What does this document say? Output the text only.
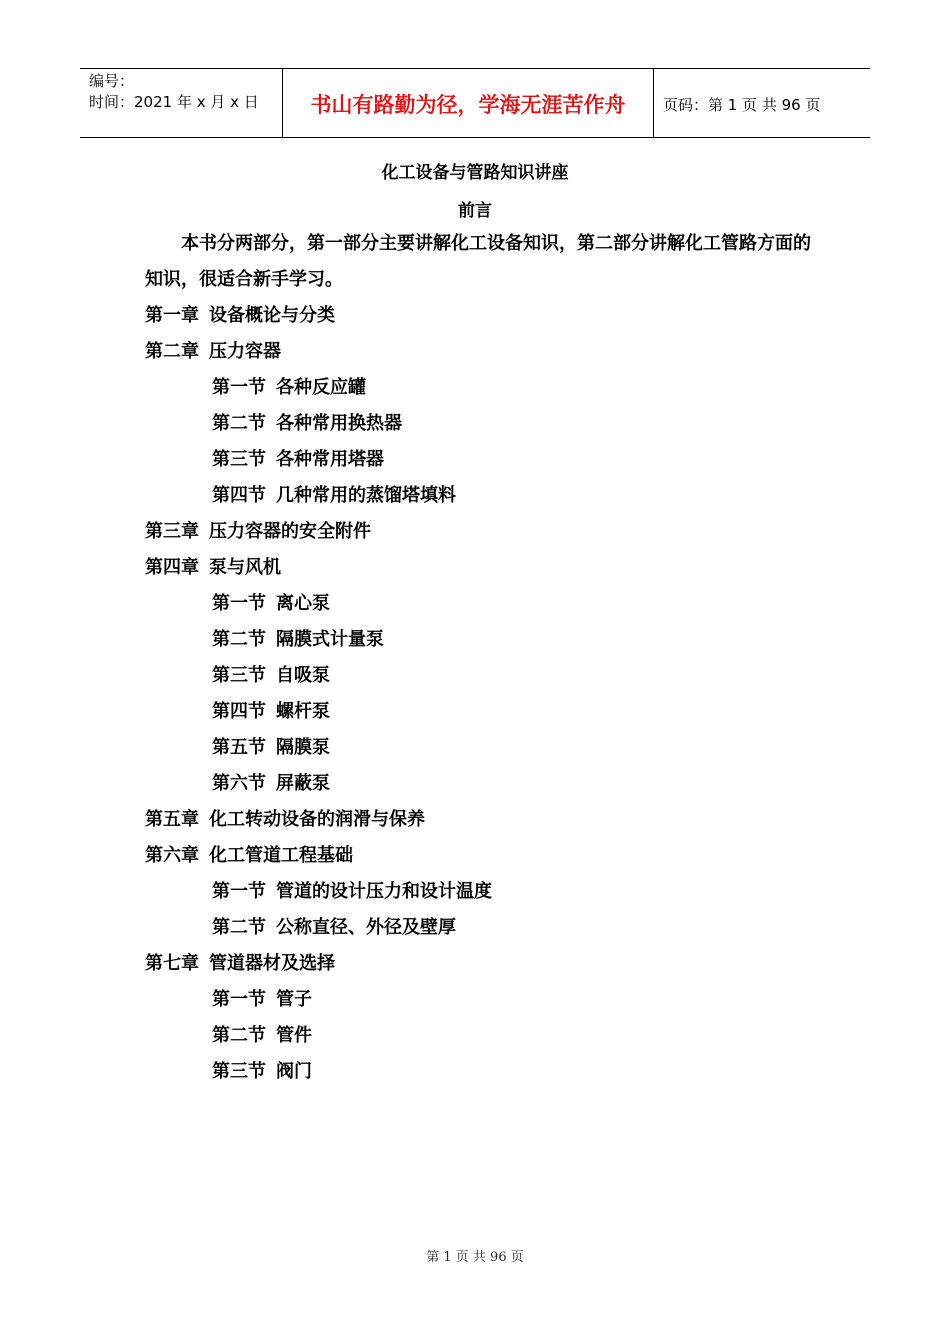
编号：
时间：2021 年 x 月 x 日	书山有路勤为径，学海无涯苦作舟	页码：第 1 页 共 96 页
化工设备与管路知识讲座
前言

本书分两部分，第一部分主要讲解化工设备知识，第二部分讲解化工管路方面的知识，很适合新手学习。

第一章 设备概论与分类
第二章 压力容器
第一节 各种反应罐
第二节 各种常用换热器
第三节 各种常用塔器
第四节 几种常用的蒸馏塔填料
第三章 压力容器的安全附件
第四章 泵与风机
第一节 离心泵
第二节 隔膜式计量泵
第三节 自吸泵
第四节 螺杆泵
第五节 隔膜泵
第六节 屏蔽泵
第五章 化工转动设备的润滑与保养
第六章 化工管道工程基础
第一节 管道的设计压力和设计温度
第二节 公称直径、外径及壁厚
第七章 管道器材及选择
第一节 管子
第二节 管件
第三节 阀门
第 1 页 共 96 页
